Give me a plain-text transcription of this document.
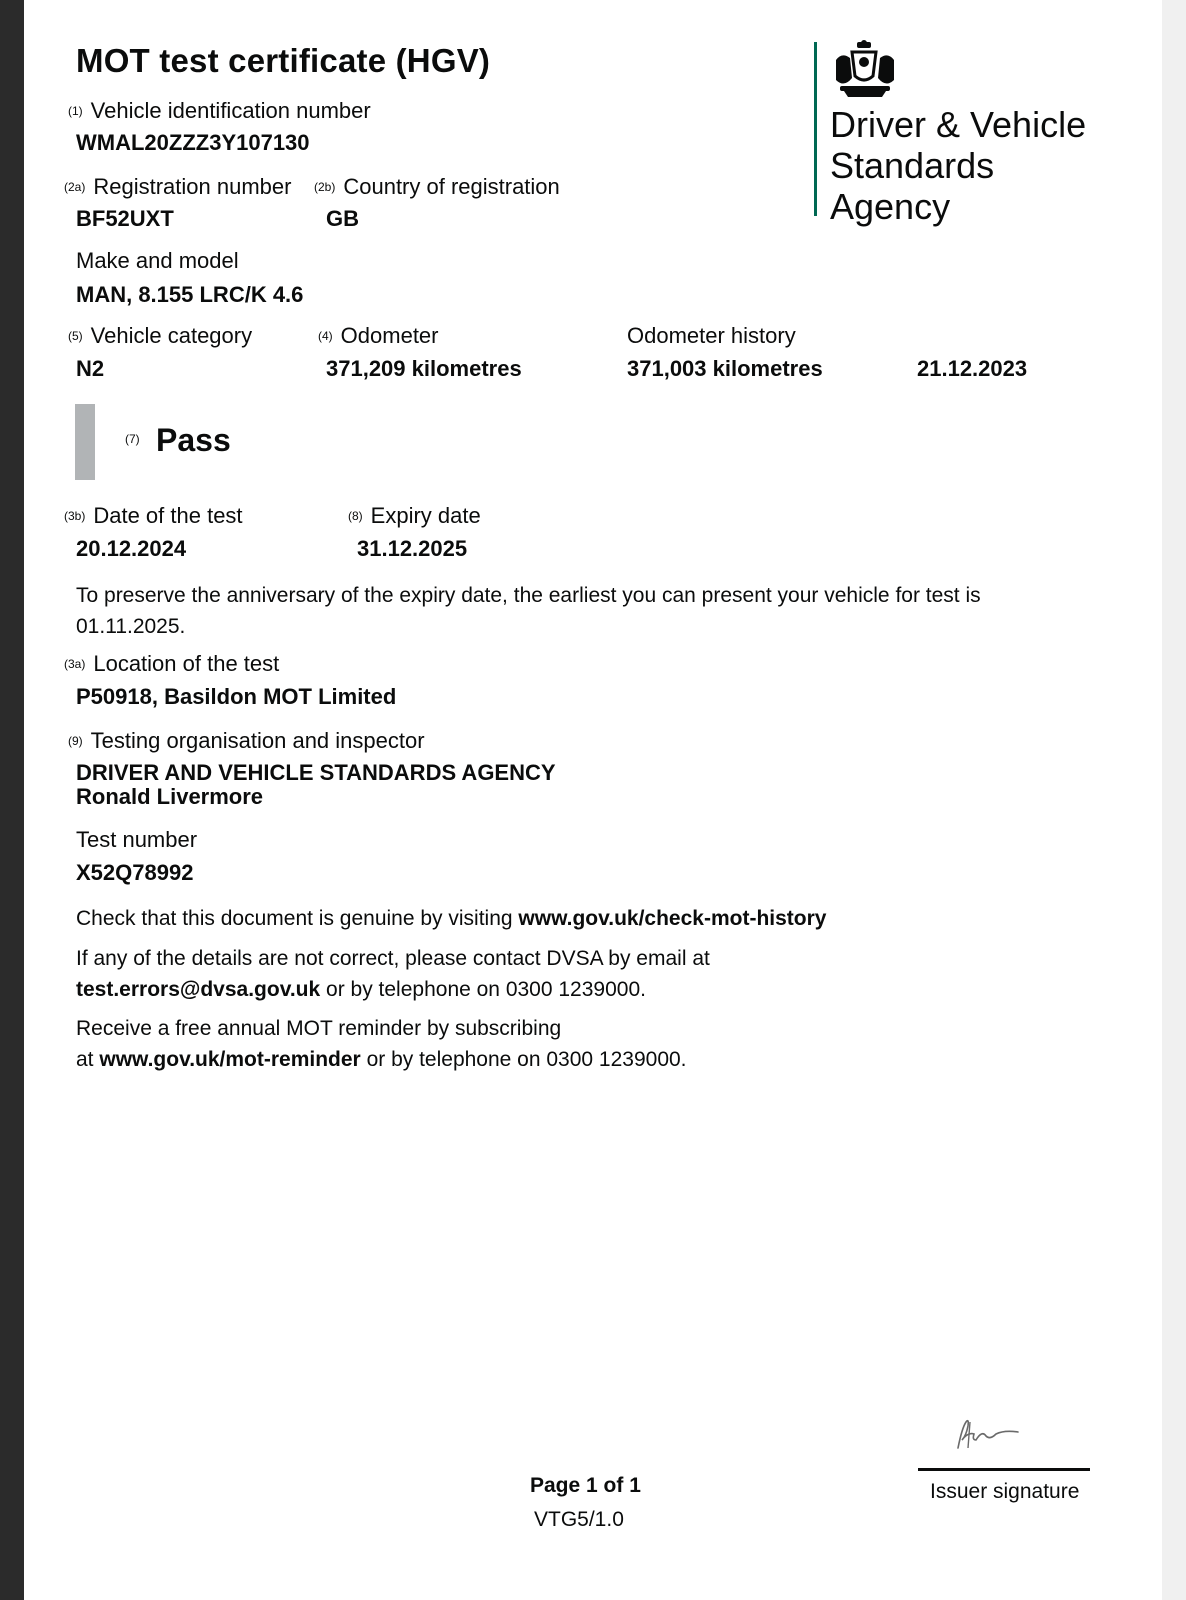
MOT test certificate (HGV)
Driver & Vehicle
Standards
Agency
(1) Vehicle identification number
WMAL20ZZZ3Y107130
(2a) Registration number
BF52UXT
(2b) Country of registration
GB
Make and model
MAN, 8.155 LRC/K 4.6
(5) Vehicle category
N2
(4) Odometer
371,209 kilometres
Odometer history
371,003 kilometres	21.12.2023
(7) Pass
(3b) Date of the test
20.12.2024
(8) Expiry date
31.12.2025
To preserve the anniversary of the expiry date, the earliest you can present your vehicle for test is 01.11.2025.
(3a) Location of the test
P50918, Basildon MOT Limited
(9) Testing organisation and inspector
DRIVER AND VEHICLE STANDARDS AGENCY
Ronald Livermore
Test number
X52Q78992
Check that this document is genuine by visiting www.gov.uk/check-mot-history
If any of the details are not correct, please contact DVSA by email at
test.errors@dvsa.gov.uk or by telephone on 0300 1239000.
Receive a free annual MOT reminder by subscribing
at www.gov.uk/mot-reminder or by telephone on 0300 1239000.
Page 1 of 1
VTG5/1.0
Issuer signature
